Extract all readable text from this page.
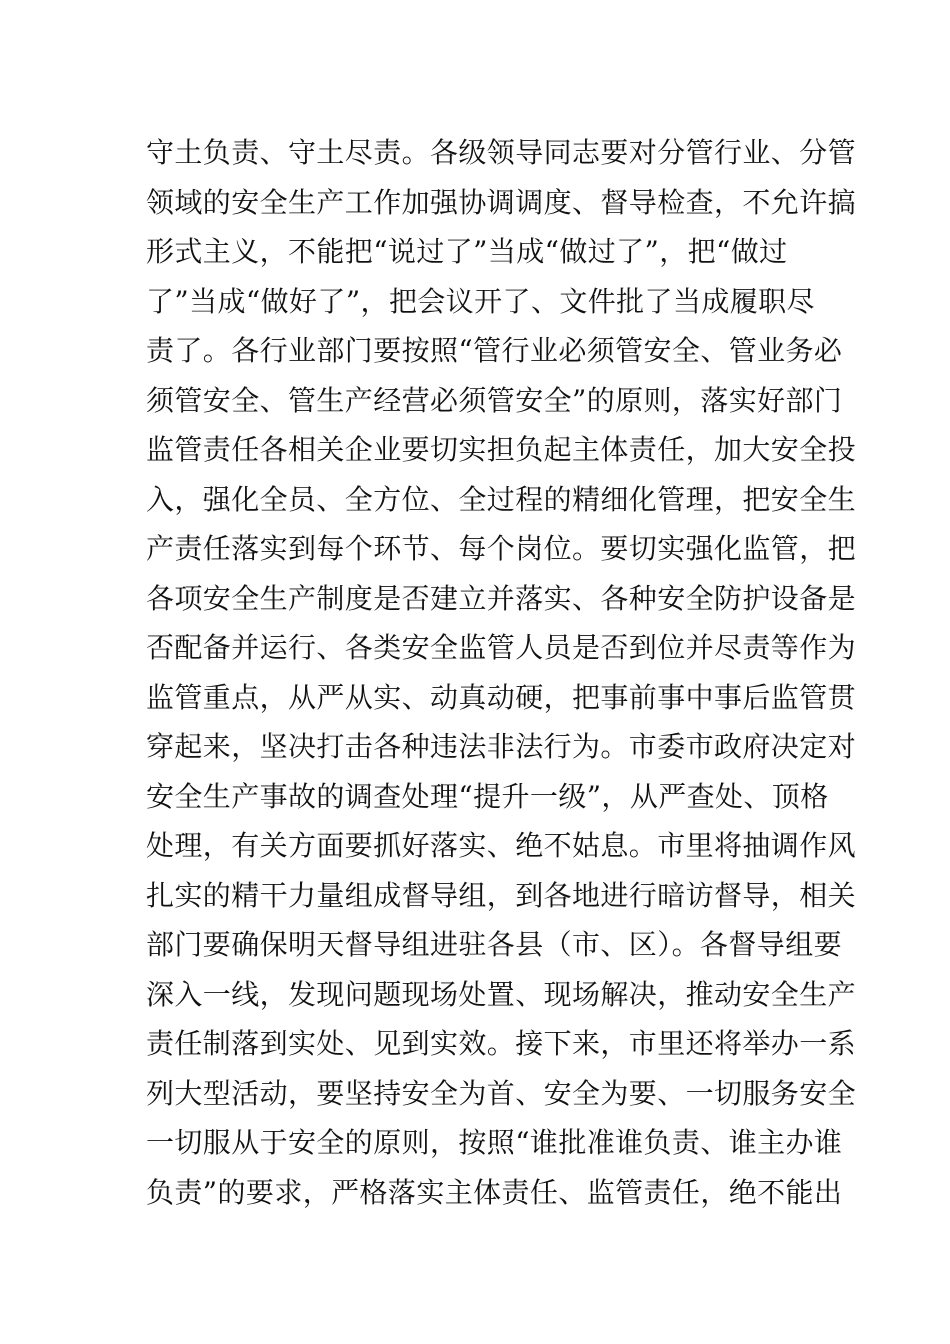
守土负责、守土尽责。各级领导同志要对分管行业、分管
领域的安全生产工作加强协调调度、督导检查，不允许搞
形式主义，不能把“说过了”当成“做过了”，把“做过
了”当成“做好了”，把会议开了、文件批了当成履职尽
责了。各行业部门要按照“管行业必须管安全、管业务必
须管安全、管生产经营必须管安全”的原则，落实好部门
监管责任各相关企业要切实担负起主体责任，加大安全投
入，强化全员、全方位、全过程的精细化管理，把安全生
产责任落实到每个环节、每个岗位。要切实强化监管，把
各项安全生产制度是否建立并落实、各种安全防护设备是
否配备并运行、各类安全监管人员是否到位并尽责等作为
监管重点，从严从实、动真动硬，把事前事中事后监管贯
穿起来，坚决打击各种违法非法行为。市委市政府决定对
安全生产事故的调查处理“提升一级”，从严查处、顶格
处理，有关方面要抓好落实、绝不姑息。市里将抽调作风
扎实的精干力量组成督导组，到各地进行暗访督导，相关
部门要确保明天督导组进驻各县（市、区）。各督导组要
深入一线，发现问题现场处置、现场解决，推动安全生产
责任制落到实处、见到实效。接下来，市里还将举办一系
列大型活动，要坚持安全为首、安全为要、一切服务安全
一切服从于安全的原则，按照“谁批准谁负责、谁主办谁
负责”的要求，严格落实主体责任、监管责任，绝不能出
